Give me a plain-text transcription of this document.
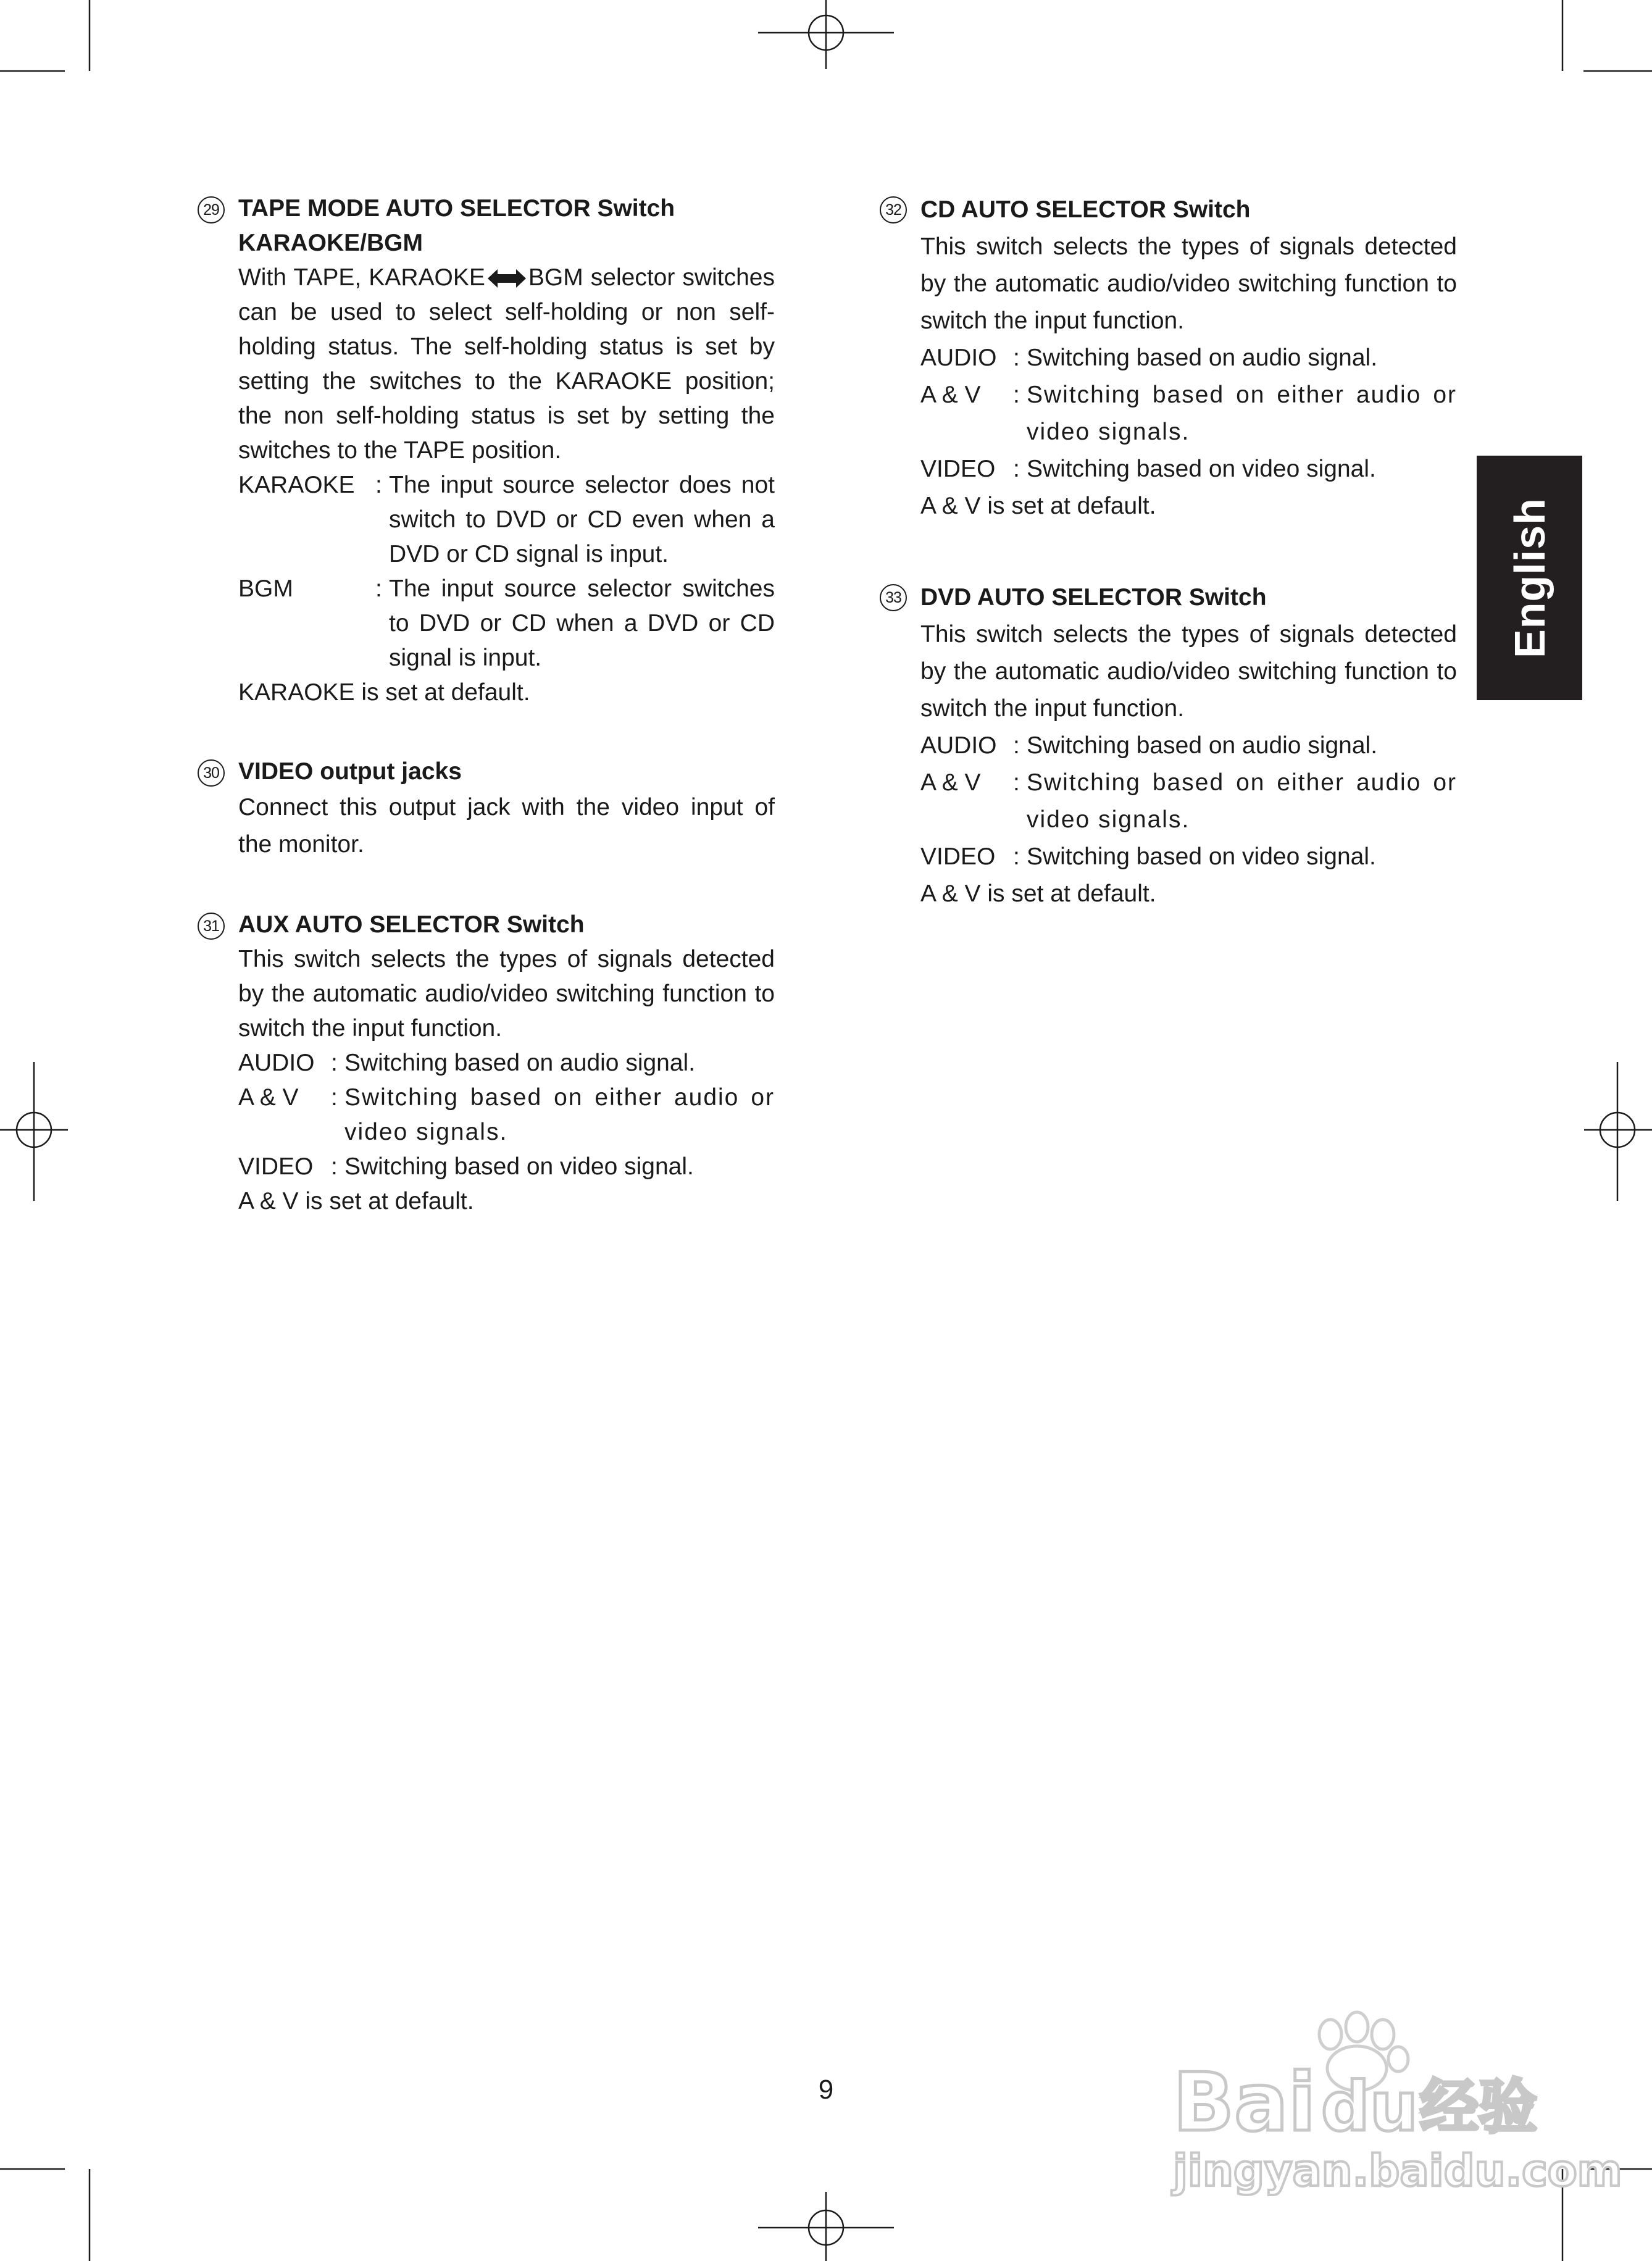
29 TAPE MODE AUTO SELECTOR Switch

KARAOKE/BGM

With TAPE, KARAOKE BGM selector switches can be used to select self-holding or non self-holding status. The self-holding status is set by setting the switches to the KARAOKE position; the non self-holding status is set by setting the switches to the TAPE position.

KARAOKE : The input source selector does not switch to DVD or CD even when a DVD or CD signal is input.
BGM	: The input source selector switches to DVD or CD when a DVD or CD signal is input.

KARAOKE is set at default.

30 VIDEO output jacks

Connect this output jack with the video input of the monitor.

31 AUX AUTO SELECTOR Switch

This switch selects the types of signals detected by the automatic audio/video switching function to switch the input function.

AUDIO : Switching based on audio signal.
A & V	: Switching based on either audio or video signals.
VIDEO : Switching based on video signal.

A & V is set at default.

32 CD AUTO SELECTOR Switch

This switch selects the types of signals detected by the automatic audio/video switching function to switch the input function.

AUDIO : Switching based on audio signal.
A & V	: Switching based on either audio or video signals.
VIDEO : Switching based on video signal.

A & V is set at default.

33 DVD AUTO SELECTOR Switch

This switch selects the types of signals detected by the automatic audio/video switching function to switch the input function.

AUDIO : Switching based on audio signal.
A & V	: Switching based on either audio or video signals.
VIDEO : Switching based on video signal.

A & V is set at default.

English
9	Bai du 经验
jingyan.baidu.com
